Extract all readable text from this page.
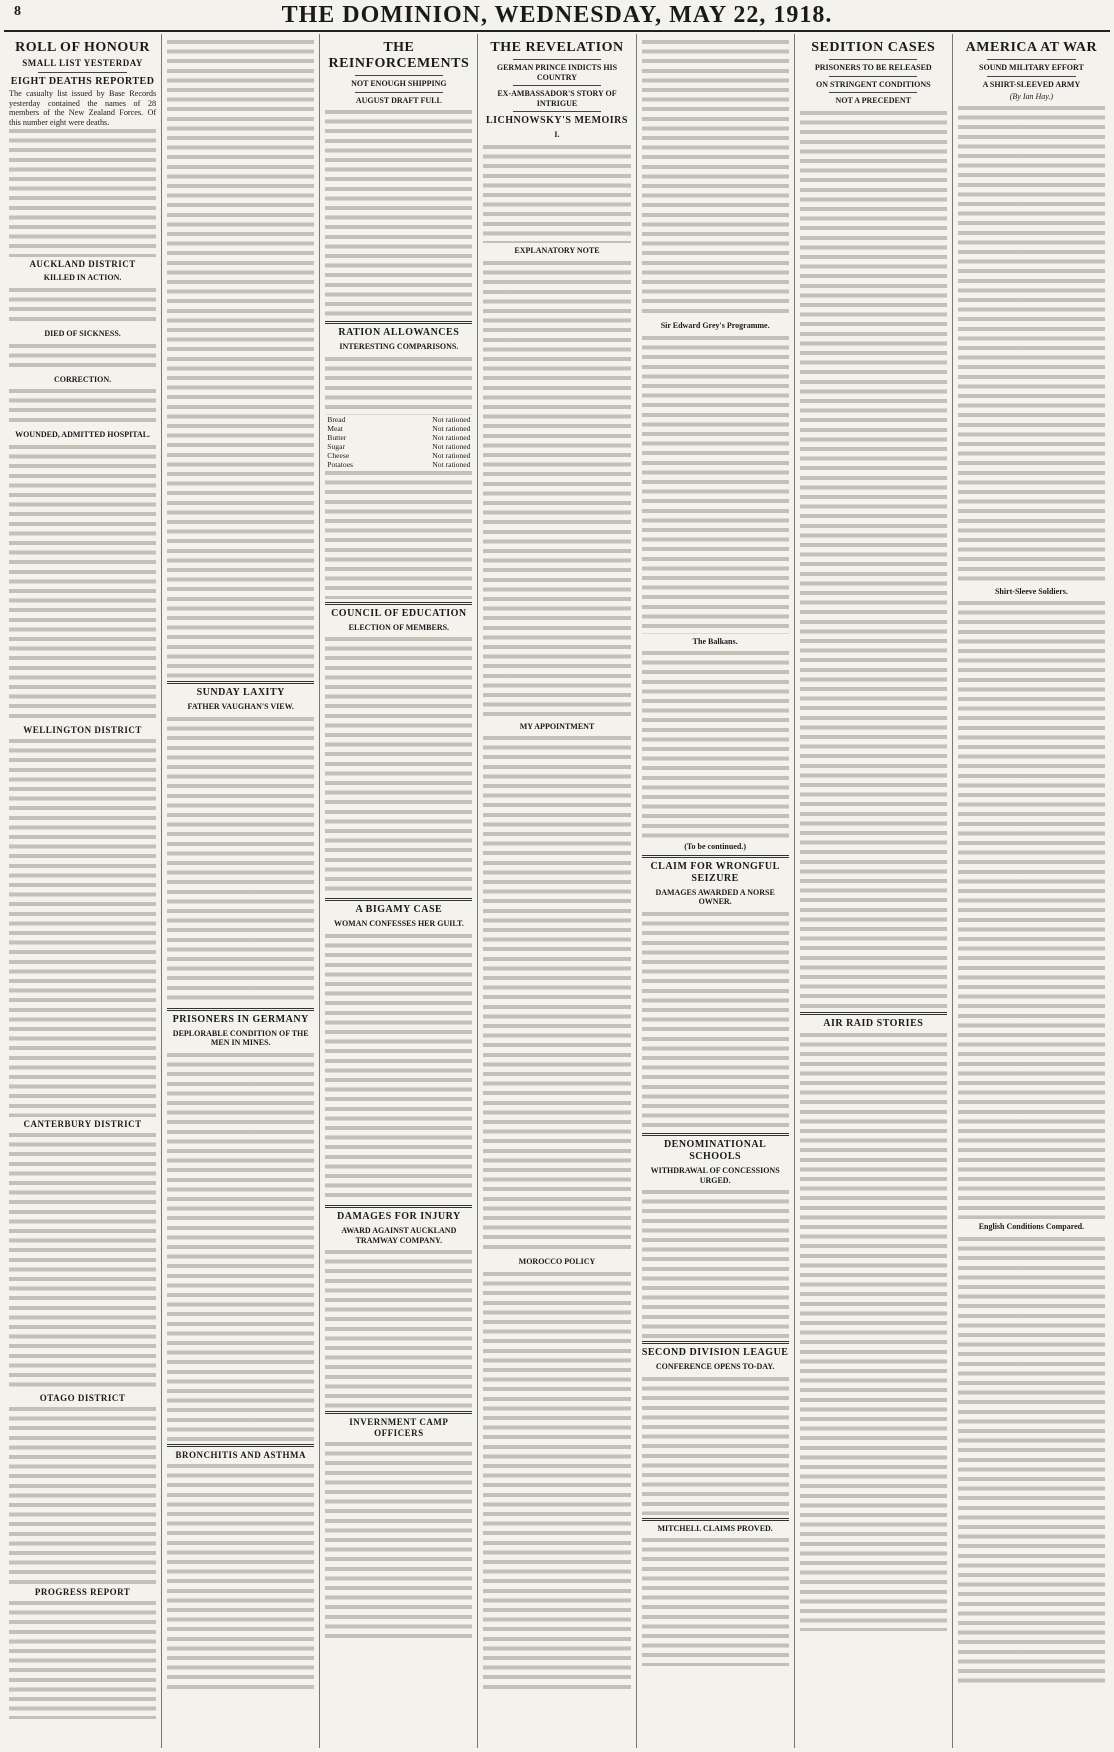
8	THE DOMINION, WEDNESDAY, MAY 22, 1918.
ROLL OF HONOUR
SMALL LIST YESTERDAY
EIGHT DEATHS REPORTED
The casualty list issued by Base Records yesterday contained the names of 28 members of the New Zealand Forces. Of this number eight were deaths.
AUCKLAND DISTRICT
KILLED IN ACTION.
DIED OF SICKNESS.
CORRECTION.
WOUNDED, ADMITTED HOSPITAL.
WELLINGTON DISTRICT
CANTERBURY DISTRICT
OTAGO DISTRICT
PROGRESS REPORT
SUNDAY LAXITY
FATHER VAUGHAN'S VIEW.
PRISONERS IN GERMANY
DEPLORABLE CONDITION OF THE MEN IN MINES.
BRONCHITIS AND ASTHMA
THE REINFORCEMENTS
NOT ENOUGH SHIPPING
AUGUST DRAFT FULL
RATION ALLOWANCES
INTERESTING COMPARISONS.
Bread	Not rationed
Meat	Not rationed
Butter	Not rationed
Sugar	Not rationed
Cheese	Not rationed
Potatoes	Not rationed
COUNCIL OF EDUCATION
ELECTION OF MEMBERS.
A BIGAMY CASE
WOMAN CONFESSES HER GUILT.
DAMAGES FOR INJURY
AWARD AGAINST AUCKLAND TRAMWAY COMPANY.
INVERNMENT CAMP OFFICERS
THE REVELATION
GERMAN PRINCE INDICTS HIS COUNTRY
EX-AMBASSADOR'S STORY OF INTRIGUE
LICHNOWSKY'S MEMOIRS
I.
EXPLANATORY NOTE
MY APPOINTMENT
MOROCCO POLICY
Sir Edward Grey's Programme.
The Balkans.
(To be continued.)
CLAIM FOR WRONGFUL SEIZURE
DAMAGES AWARDED A NORSE OWNER.
DENOMINATIONAL SCHOOLS
WITHDRAWAL OF CONCESSIONS URGED.
SECOND DIVISION LEAGUE
CONFERENCE OPENS TO-DAY.
MITCHELL CLAIMS PROVED.
SEDITION CASES
PRISONERS TO BE RELEASED
ON STRINGENT CONDITIONS
NOT A PRECEDENT
AIR RAID STORIES
AMERICA AT WAR
SOUND MILITARY EFFORT
A SHIRT-SLEEVED ARMY
(By Ian Hay.)
Shirt-Sleeve Soldiers.
English Conditions Compared.
